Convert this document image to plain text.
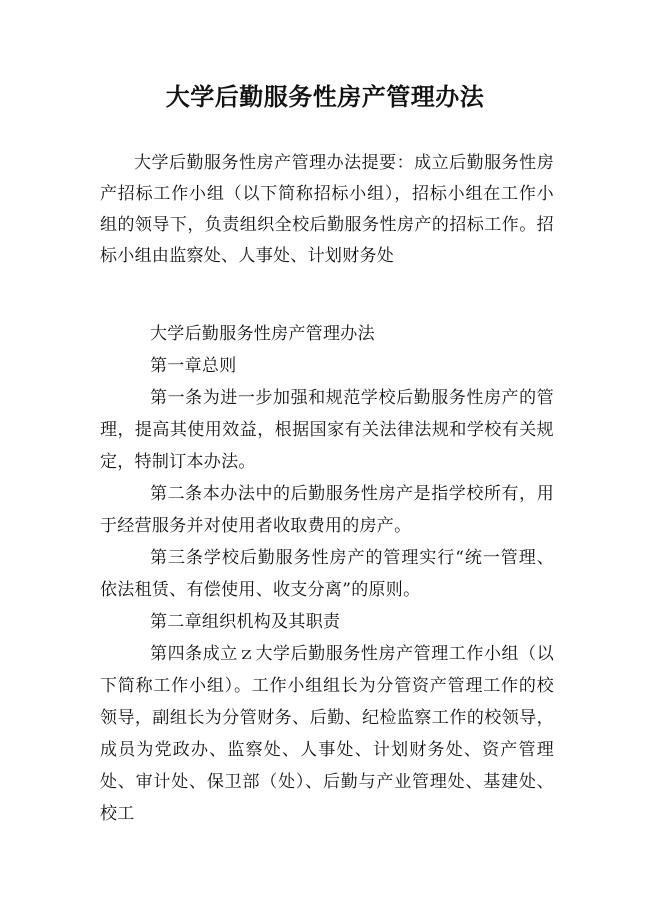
大学后勤服务性房产管理办法

大学后勤服务性房产管理办法提要：成立后勤服务性房产招标工作小组（以下简称招标小组），招标小组在工作小组的领导下，负责组织全校后勤服务性房产的招标工作。招标小组由监察处、人事处、计划财务处

大学后勤服务性房产管理办法

第一章总则

第一条为进一步加强和规范学校后勤服务性房产的管理，提高其使用效益，根据国家有关法律法规和学校有关规定，特制订本办法。

第二条本办法中的后勤服务性房产是指学校所有，用于经营服务并对使用者收取费用的房产。

第三条学校后勤服务性房产的管理实行“统一管理、依法租赁、有偿使用、收支分离”的原则。

第二章组织机构及其职责

第四条成立ｚ大学后勤服务性房产管理工作小组（以下简称工作小组）。工作小组组长为分管资产管理工作的校领导，副组长为分管财务、后勤、纪检监察工作的校领导，成员为党政办、监察处、人事处、计划财务处、资产管理处、审计处、保卫部（处）、后勤与产业管理处、基建处、校工
